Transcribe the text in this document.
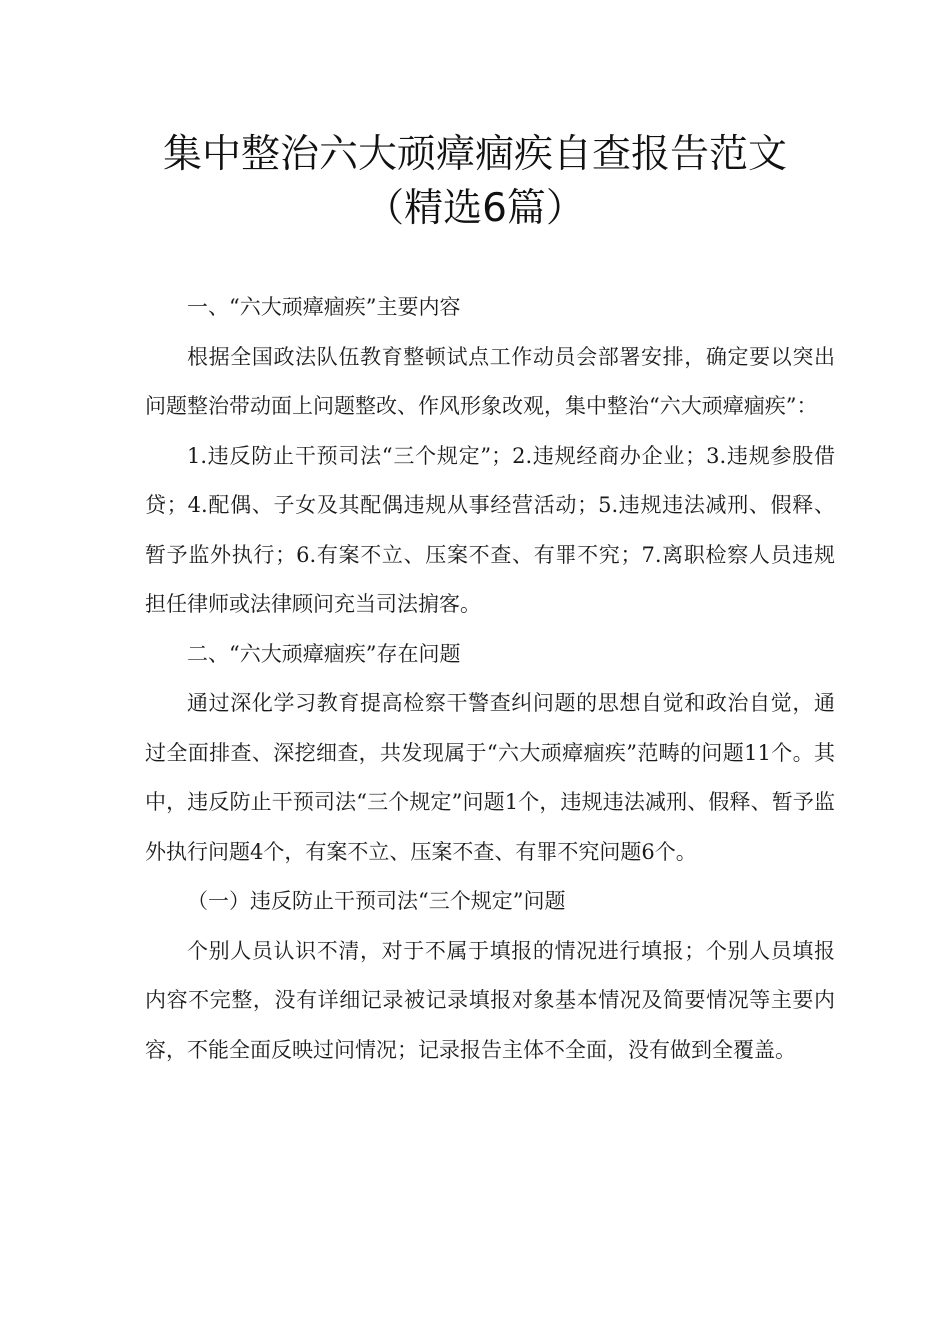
集中整治六大顽瘴痼疾自查报告范文
（精选6篇）

一、“六大顽瘴痼疾”主要内容

根据全国政法队伍教育整顿试点工作动员会部署安排，确定要以突出问题整治带动面上问题整改、作风形象改观，集中整治“六大顽瘴痼疾”：

1.违反防止干预司法“三个规定”；2.违规经商办企业；3.违规参股借贷；4.配偶、子女及其配偶违规从事经营活动；5.违规违法减刑、假释、暂予监外执行；6.有案不立、压案不查、有罪不究；7.离职检察人员违规担任律师或法律顾问充当司法掮客。

二、“六大顽瘴痼疾”存在问题

通过深化学习教育提高检察干警查纠问题的思想自觉和政治自觉，通过全面排查、深挖细查，共发现属于“六大顽瘴痼疾”范畴的问题11个。其中，违反防止干预司法“三个规定”问题1个，违规违法减刑、假释、暂予监外执行问题4个，有案不立、压案不查、有罪不究问题6个。

（一）违反防止干预司法“三个规定”问题

个别人员认识不清，对于不属于填报的情况进行填报；个别人员填报内容不完整，没有详细记录被记录填报对象基本情况及简要情况等主要内容，不能全面反映过问情况；记录报告主体不全面，没有做到全覆盖。
